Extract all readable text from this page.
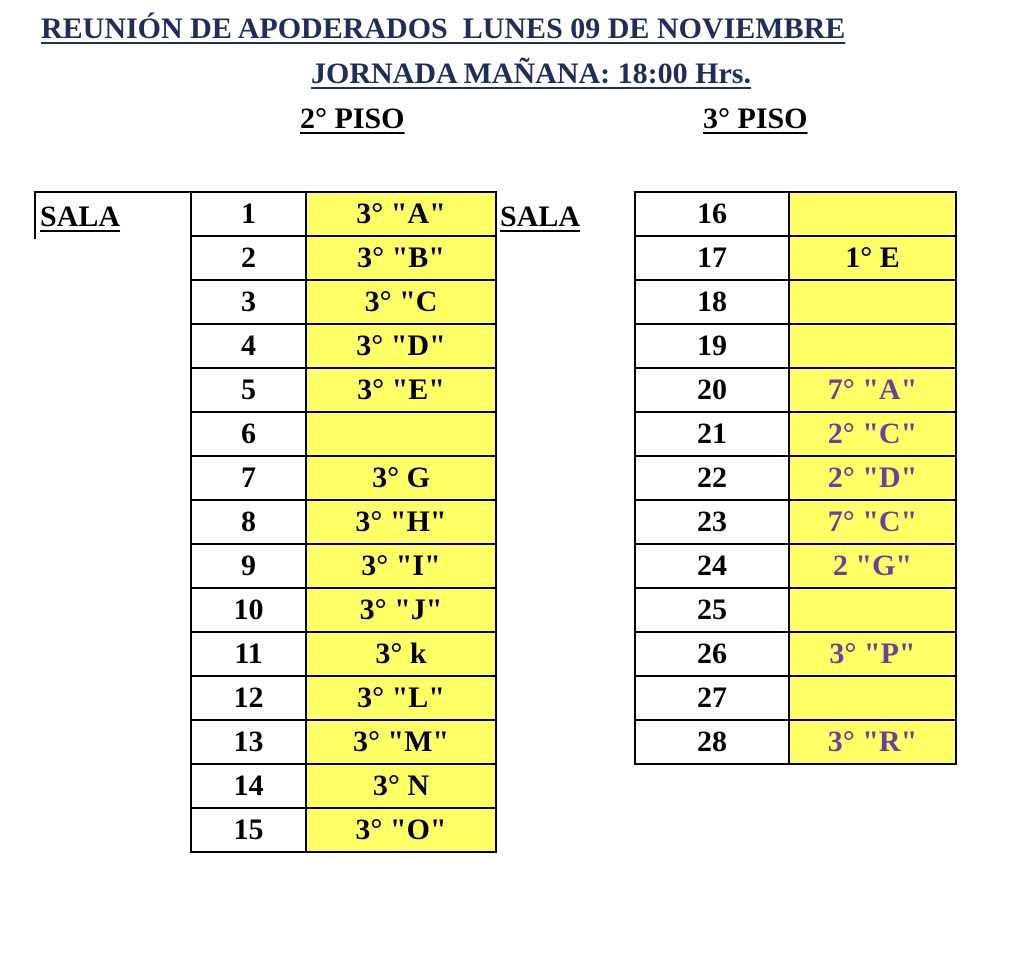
REUNIÓN DE APODERADOS  LUNES 09 DE NOVIEMBRE
JORNADA MAÑANA: 18:00 Hrs.
2° PISO	3° PISO
SALA	SALA
1	3° "A"
2	3° "B"
3	3° "C
4	3° "D"
5	3° "E"
6	
7	3° G
8	3° "H"
9	3° "I"
10	3° "J"
11	3° k
12	3° "L"
13	3° "M"
14	3° N
15	3° "O"
16	
17	1° E
18	
19	
20	7° "A"
21	2° "C"
22	2° "D"
23	7° "C"
24	2 "G"
25	
26	3° "P"
27	
28	3° "R"
